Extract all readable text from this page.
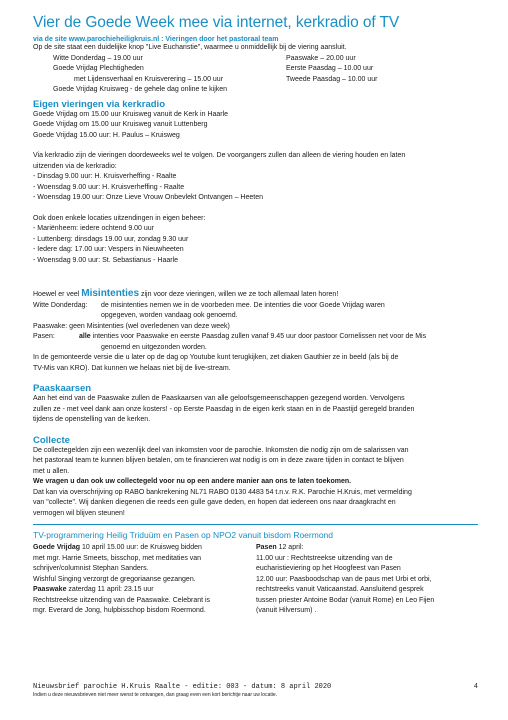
Vier de Goede Week mee via internet, kerkradio of TV

via de site www.parochieheiligkruis.nl : Vieringen door het pastoraal team

Op de site staat een duidelijke knop "Live Eucharistie", waarmee u onmiddellijk bij de viering aansluit.

Witte Donderdag – 19.00 uur	Paaswake – 20.00 uur
Goede Vrijdag Plechtigheden	Eerste Paasdag – 10.00 uur
met Lijdensverhaal en Kruisverering – 15.00 uur	Tweede Paasdag – 10.00 uur
Goede Vrijdag Kruisweg - de gehele dag online te kijken
Eigen vieringen via kerkradio

Goede Vrijdag om 15.00 uur Kruisweg vanuit de Kerk in Haarle

Goede Vrijdag om 15.00 uur Kruisweg vanuit Luttenberg

Goede Vrijdag 15.00 uur: H. Paulus – Kruisweg

Via kerkradio zijn de vieringen doordeweeks wel te volgen. De voorgangers zullen dan alleen de viering houden en laten

uitzenden via de kerkradio:

- Dinsdag 9.00 uur: H. Kruisverheffing - Raalte

- Woensdag 9.00 uur: H. Kruisverheffing - Raalte

- Woensdag 19.00 uur: Onze Lieve Vrouw Onbevlekt Ontvangen – Heeten

Ook doen enkele locaties uitzendingen in eigen beheer:

- Mariënheem: iedere ochtend 9.00 uur

- Luttenberg: dinsdags 19.00 uur, zondag 9.30 uur

- Iedere dag: 17.00 uur: Vespers in Nieuwheeten

- Woensdag 9.00 uur: St. Sebastianus - Haarle

Hoewel er veel Misintenties zijn voor deze vieringen, willen we ze toch allemaal laten horen!

Witte Donderdag:	de misintenties nemen we in de voorbeden mee. De intenties die voor Goede Vrijdag waren
opgegeven, worden vandaag ook genoemd.

Paaswake: geen Misintenties (wel overledenen van deze week)

Pasen:	alle intenties voor Paaswake en eerste Paasdag zullen vanaf 9.45 uur door pastoor Cornelissen net voor de Mis
genoemd en uitgezonden worden.

In de gemonteerde versie die u later op de dag op Youtube kunt terugkijken, zet diaken Gauthier ze in beeld (als bij de

TV-Mis van KRO). Dat kunnen we helaas niet bij de live-stream.

Paaskaarsen

Aan het eind van de Paaswake zullen de Paaskaarsen van alle geloofsgemeenschappen gezegend worden. Vervolgens

zullen ze - met veel dank aan onze kosters! - op Eerste Paasdag in de eigen kerk staan en in de Paastijd geregeld branden

tijdens de openstelling van de kerken.

Collecte

De collectegelden zijn een wezenlijk deel van inkomsten voor de parochie. Inkomsten die nodig zijn om de salarissen van

het pastoraal team te kunnen blijven betalen, om te financieren wat nodig is om in deze zware tijden in contact te blijven

met u allen.

We vragen u dan ook uw collectegeld voor nu op een andere manier aan ons te laten toekomen.

Dat kan via overschrijving op RABO bankrekening NL71 RABO 0130 4483 54 t.n.v. R.K. Parochie H.Kruis, met vermelding

van "collecte". Wij danken diegenen die reeds een gulle gave deden, en hopen dat iedereen ons naar draagkracht en

vermogen wil blijven steunen!

TV-programmering Heilig Triduüm en Pasen op NPO2 vanuit bisdom Roermond
Goede Vrijdag 10 april 15.00 uur: de Kruisweg bidden
met mgr. Harrie Smeets, bisschop, met meditaties van
schrijver/columnist Stephan Sanders.
Wishful Singing verzorgt de gregoriaanse gezangen.
Paaswake zaterdag 11 april: 23.15 uur
Rechtstreekse uitzending van de Paaswake. Celebrant is
mgr. Everard de Jong, hulpbisschop bisdom Roermond.
Pasen 12 april:
11.00 uur : Rechtstreekse uitzending van de
eucharistieviering op het Hoogfeest van Pasen
12.00 uur: Paasboodschap van de paus met Urbi et orbi,
rechtstreeks vanuit Vaticaanstad. Aansluitend gesprek
tussen priester Antoine Bodar (vanuit Rome) en Leo Fijen
(vanuit Hilversum) .
Nieuwsbrief parochie H.Kruis Raalte - editie: 003 - datum: 8 april 2020	4
Indien u deze nieuwsbrieven niet meer wenst te ontvangen, dan graag even een kort berichtje naar uw locatie.
